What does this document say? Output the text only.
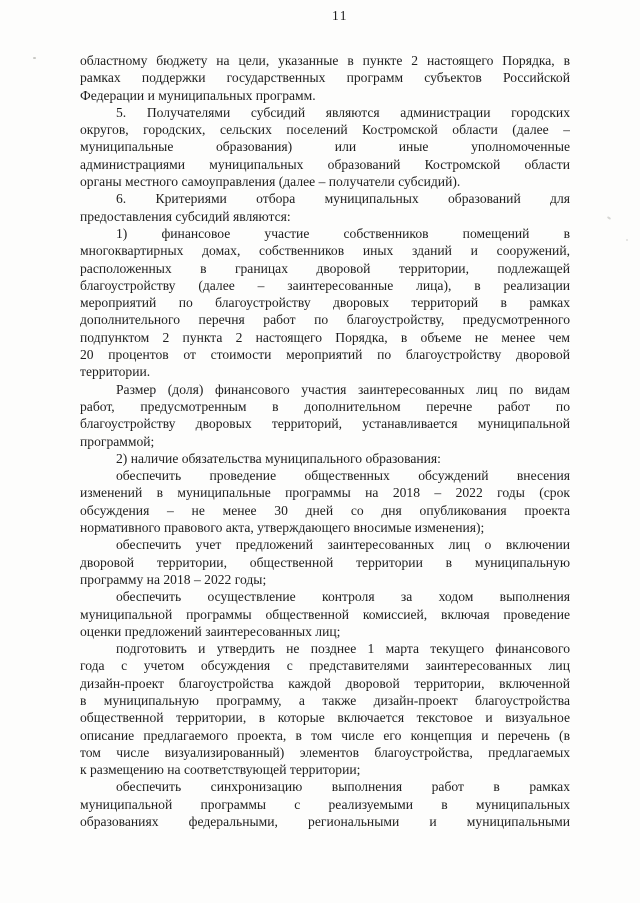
11
областному бюджету на цели, указанные в пункте 2 настоящего Порядка, в
рамках поддержки государственных программ субъектов Российской
Федерации и муниципальных программ.
5. Получателями субсидий являются администрации городских
округов, городских, сельских поселений Костромской области (далее –
муниципальные образования) или иные уполномоченные
администрациями муниципальных образований Костромской области
органы местного самоуправления (далее – получатели субсидий).
6. Критериями отбора муниципальных образований для
предоставления субсидий являются:
1) финансовое участие собственников помещений в
многоквартирных домах, собственников иных зданий и сооружений,
расположенных в границах дворовой территории, подлежащей
благоустройству (далее – заинтересованные лица), в реализации
мероприятий по благоустройству дворовых территорий в рамках
дополнительного перечня работ по благоустройству, предусмотренного
подпунктом 2 пункта 2 настоящего Порядка, в объеме не менее чем
20 процентов от стоимости мероприятий по благоустройству дворовой
территории.
Размер (доля) финансового участия заинтересованных лиц по видам
работ, предусмотренным в дополнительном перечне работ по
благоустройству дворовых территорий, устанавливается муниципальной
программой;
2) наличие обязательства муниципального образования:
обеспечить проведение общественных обсуждений внесения
изменений в муниципальные программы на 2018 – 2022 годы (срок
обсуждения – не менее 30 дней со дня опубликования проекта
нормативного правового акта, утверждающего вносимые изменения);
обеспечить учет предложений заинтересованных лиц о включении
дворовой территории, общественной территории в муниципальную
программу на 2018 – 2022 годы;
обеспечить осуществление контроля за ходом выполнения
муниципальной программы общественной комиссией, включая проведение
оценки предложений заинтересованных лиц;
подготовить и утвердить не позднее 1 марта текущего финансового
года с учетом обсуждения с представителями заинтересованных лиц
дизайн-проект благоустройства каждой дворовой территории, включенной
в муниципальную программу, а также дизайн-проект благоустройства
общественной территории, в которые включается текстовое и визуальное
описание предлагаемого проекта, в том числе его концепция и перечень (в
том числе визуализированный) элементов благоустройства, предлагаемых
к размещению на соответствующей территории;
обеспечить синхронизацию выполнения работ в рамках
муниципальной программы с реализуемыми в муниципальных
образованиях федеральными, региональными и муниципальными
